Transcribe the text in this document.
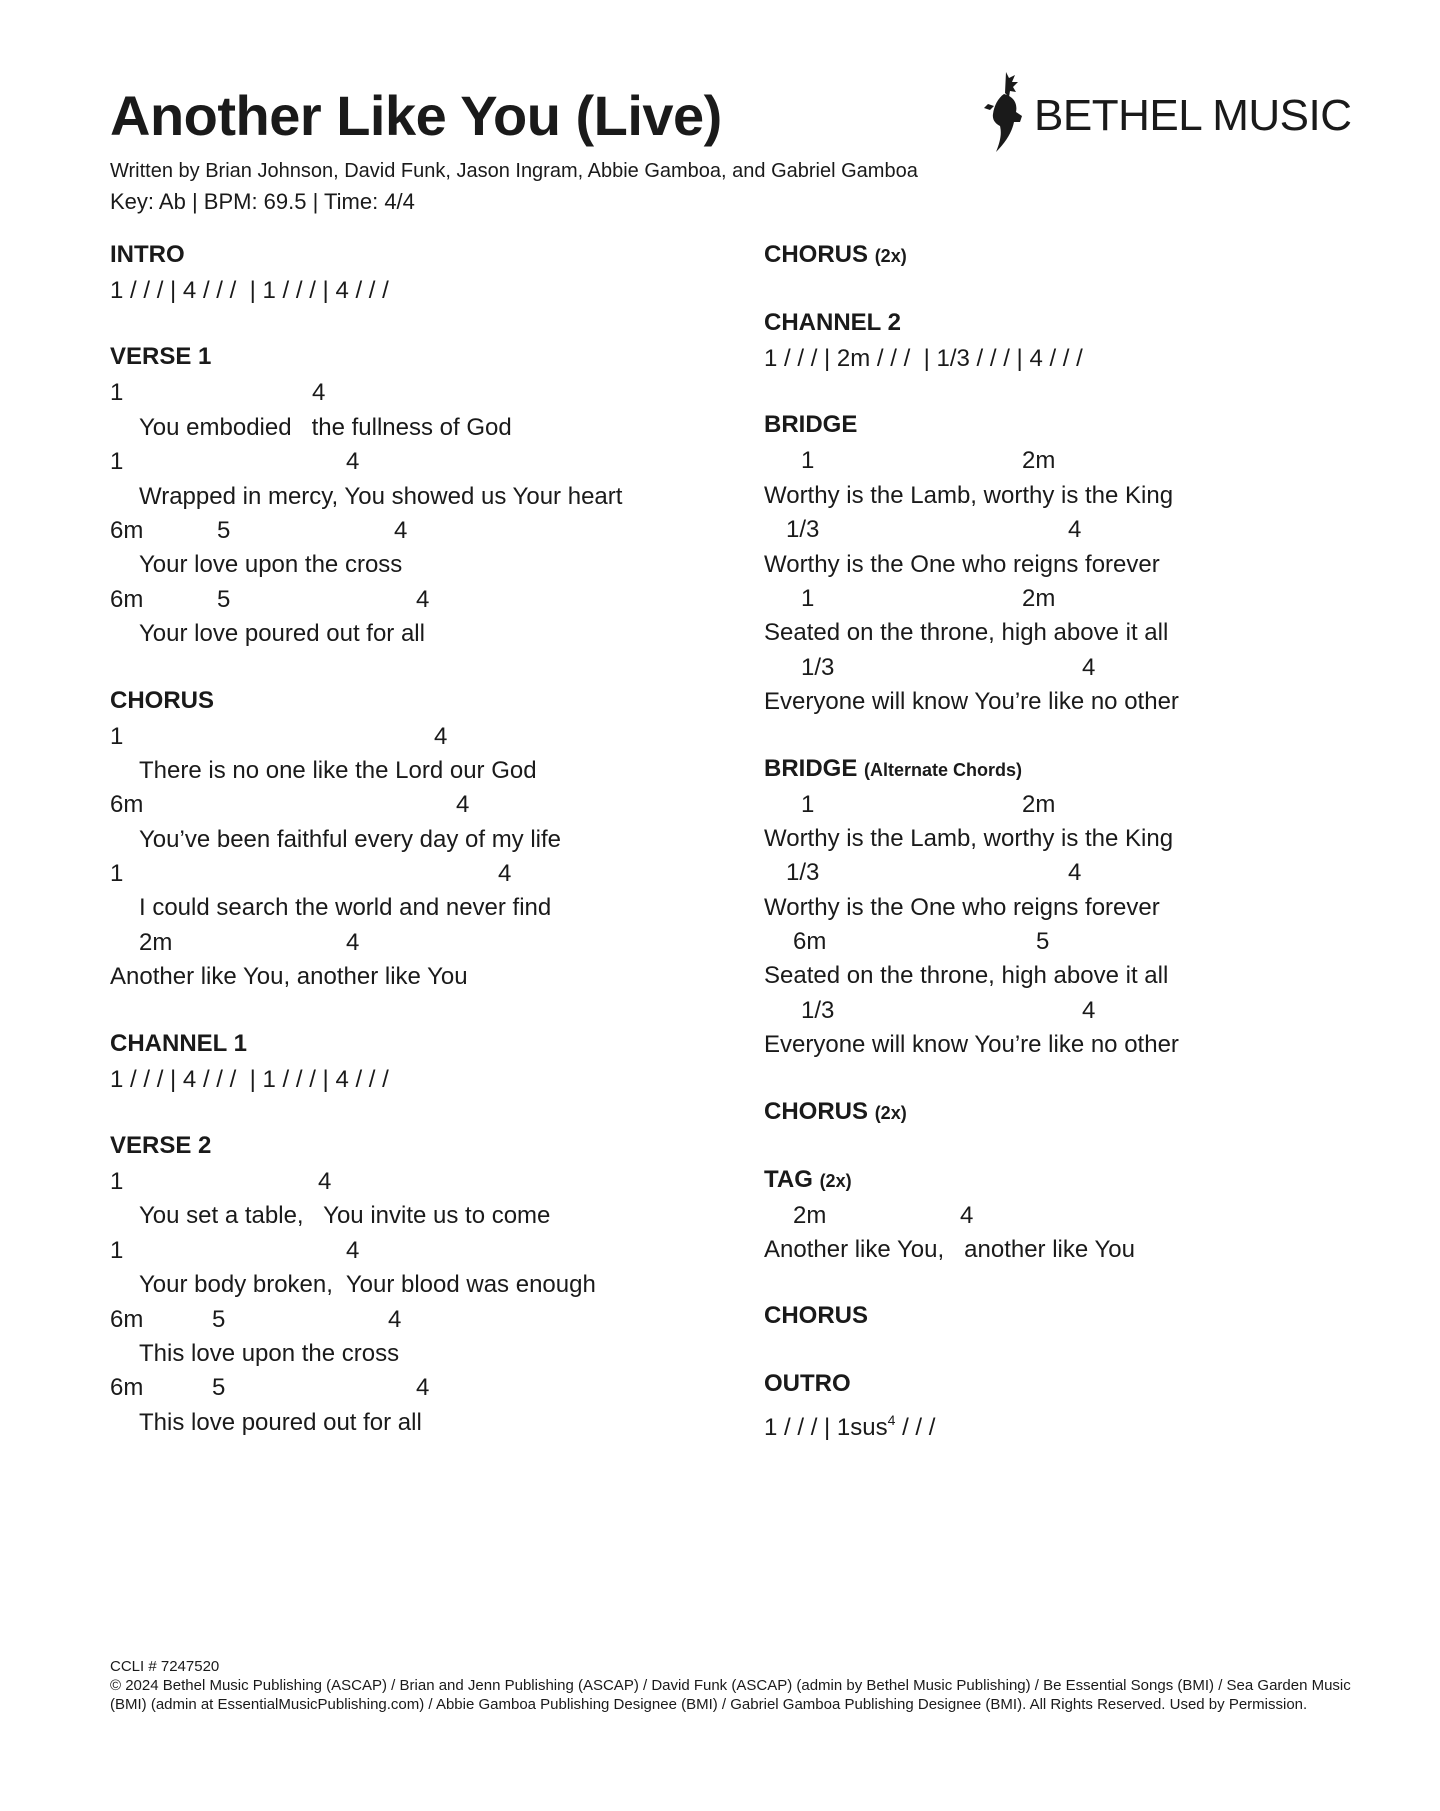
Another Like You (Live)
Written by Brian Johnson, David Funk, Jason Ingram, Abbie Gamboa, and Gabriel Gamboa
Key: Ab | BPM: 69.5 | Time: 4/4

BETHEL MUSIC

INTRO
1 / / / | 4 / / /  | 1 / / / | 4 / / /
VERSE 1

1

	4

You embodied   the fullness of God

1

	4

Wrapped in mercy, You showed us Your heart

6m

	5

	4

Your love upon the cross

6m

	5

	4

Your love poured out for all
CHORUS

1

	4

There is no one like the Lord our God

6m

	4

You’ve been faithful every day of my life

1

	4

I could search the world and never find

2m

	4

Another like You, another like You
CHANNEL 1
1 / / / | 4 / / /  | 1 / / / | 4 / / /
VERSE 2

1

	4

You set a table,   You invite us to come

1

	4

Your body broken,  Your blood was enough

6m

	5

	4

This love upon the cross

6m

	5

	4

This love poured out for all
CHORUS (2x)
CHANNEL 2
1 / / / | 2m / / /  | 1/3 / / / | 4 / / /
BRIDGE

1

	2m

Worthy is the Lamb, worthy is the King

1/3

	4

Worthy is the One who reigns forever

1

	2m

Seated on the throne, high above it all

1/3

	4

Everyone will know You’re like no other
BRIDGE (Alternate Chords)

1

	2m

Worthy is the Lamb, worthy is the King

1/3

	4

Worthy is the One who reigns forever

6m

	5

Seated on the throne, high above it all

1/3

	4

Everyone will know You’re like no other
CHORUS (2x)
TAG (2x)

2m

	4

Another like You,   another like You
CHORUS
OUTRO
1 / / / | 1sus$^4$ / / /
CCLI # 7247520
© 2024 Bethel Music Publishing (ASCAP) / Brian and Jenn Publishing (ASCAP) / David Funk (ASCAP) (admin by Bethel Music Publishing) / Be Essential Songs (BMI) / Sea Garden Music (BMI) (admin at EssentialMusicPublishing.com) / Abbie Gamboa Publishing Designee (BMI) / Gabriel Gamboa Publishing Designee (BMI). All Rights Reserved. Used by Permission.
